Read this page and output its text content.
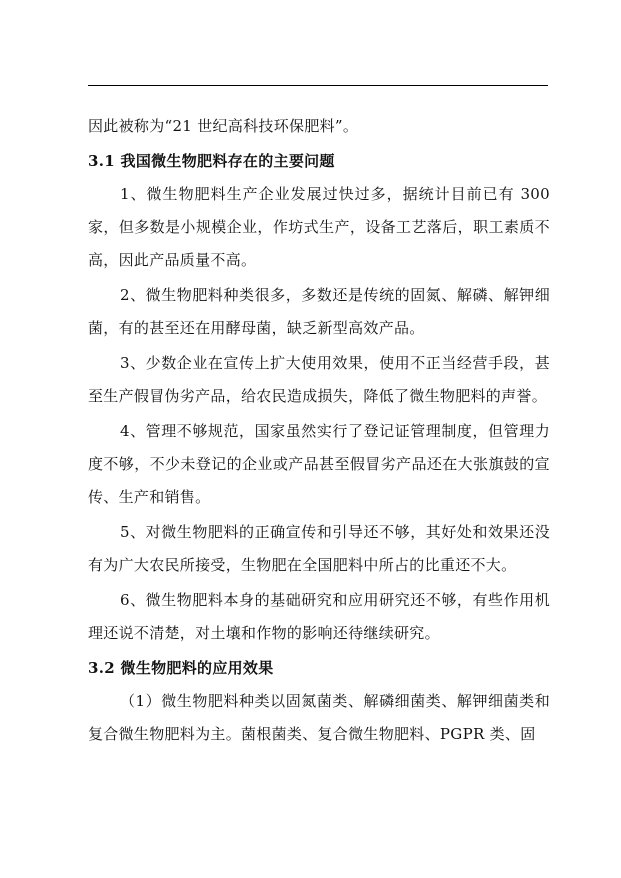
因此被称为“21 世纪高科技环保肥料”。

3.1 我国微生物肥料存在的主要问题

1、微生物肥料生产企业发展过快过多，据统计目前已有 300 家，但多数是小规模企业，作坊式生产，设备工艺落后，职工素质不高，因此产品质量不高。

2、微生物肥料种类很多，多数还是传统的固氮、解磷、解钾细菌，有的甚至还在用酵母菌，缺乏新型高效产品。

3、少数企业在宣传上扩大使用效果，使用不正当经营手段，甚至生产假冒伪劣产品，给农民造成损失，降低了微生物肥料的声誉。

4、管理不够规范，国家虽然实行了登记证管理制度，但管理力度不够，不少未登记的企业或产品甚至假冒劣产品还在大张旗鼓的宣传、生产和销售。

5、对微生物肥料的正确宣传和引导还不够，其好处和效果还没有为广大农民所接受，生物肥在全国肥料中所占的比重还不大。

6、微生物肥料本身的基础研究和应用研究还不够，有些作用机理还说不清楚，对土壤和作物的影响还待继续研究。

3.2 微生物肥料的应用效果

（1）微生物肥料种类以固氮菌类、解磷细菌类、解钾细菌类和复合微生物肥料为主。菌根菌类、复合微生物肥料、PGPR 类、固
